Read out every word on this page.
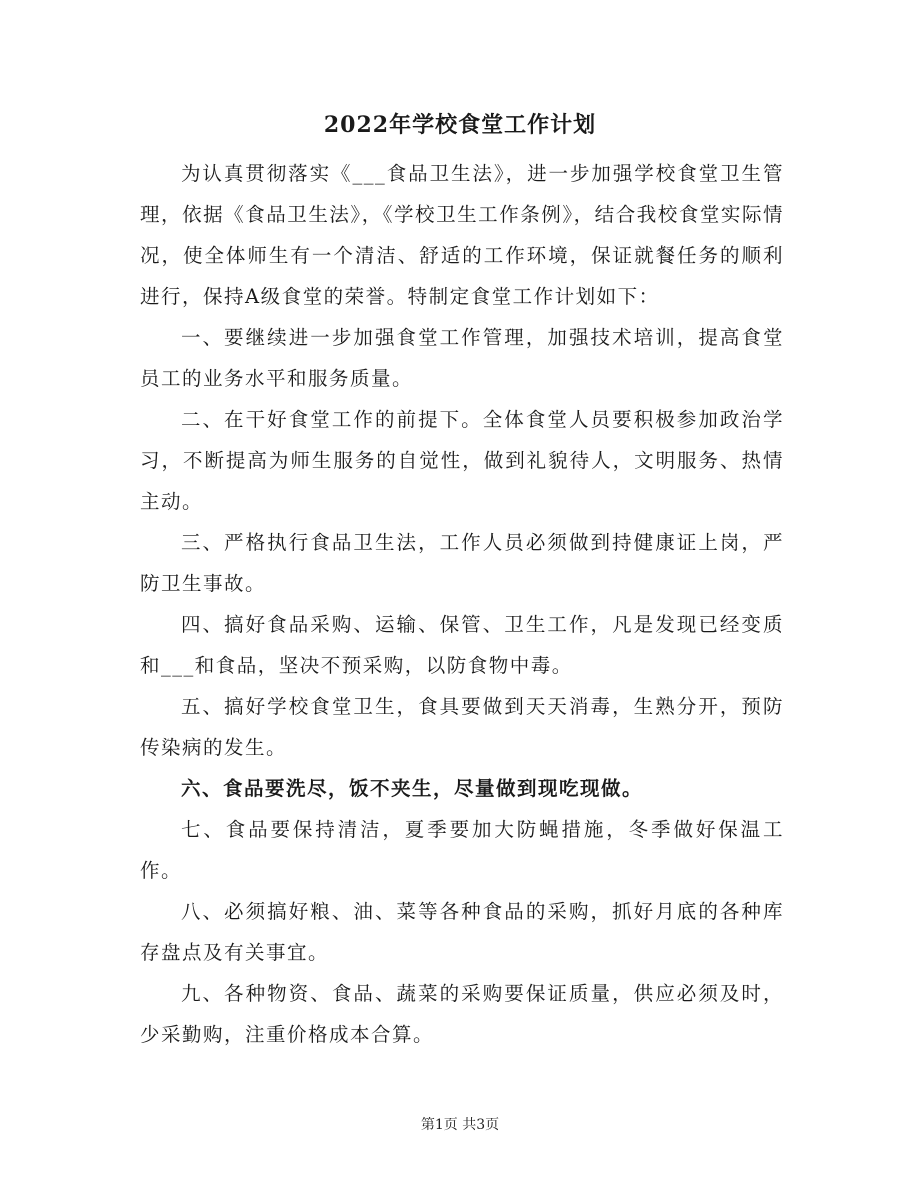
2022年学校食堂工作计划

为认真贯彻落实《___食品卫生法》，进一步加强学校食堂卫生管理，依据《食品卫生法》，《学校卫生工作条例》，结合我校食堂实际情况，使全体师生有一个清洁、舒适的工作环境，保证就餐任务的顺利进行，保持A级食堂的荣誉。特制定食堂工作计划如下：

一、要继续进一步加强食堂工作管理，加强技术培训，提高食堂员工的业务水平和服务质量。

二、在干好食堂工作的前提下。全体食堂人员要积极参加政治学习，不断提高为师生服务的自觉性，做到礼貌待人，文明服务、热情主动。

三、严格执行食品卫生法，工作人员必须做到持健康证上岗，严防卫生事故。

四、搞好食品采购、运输、保管、卫生工作，凡是发现已经变质和___和食品，坚决不预采购，以防食物中毒。

五、搞好学校食堂卫生，食具要做到天天消毒，生熟分开，预防传染病的发生。

六、食品要洗尽，饭不夹生，尽量做到现吃现做。

七、食品要保持清洁，夏季要加大防蝇措施，冬季做好保温工作。

八、必须搞好粮、油、菜等各种食品的采购，抓好月底的各种库存盘点及有关事宜。

九、各种物资、食品、蔬菜的采购要保证质量，供应必须及时，少采勤购，注重价格成本合算。

第1页 共3页
